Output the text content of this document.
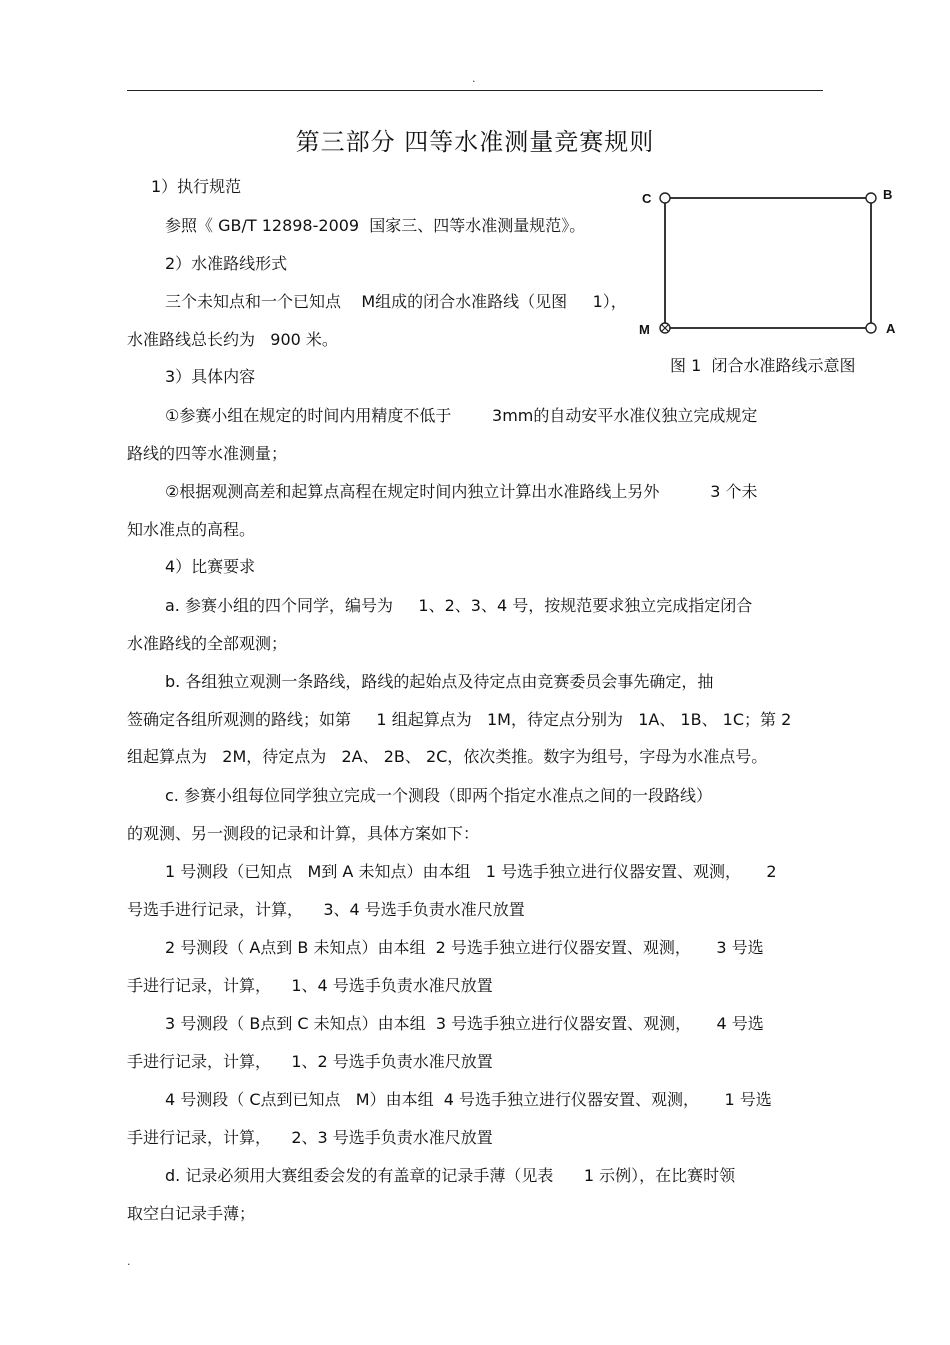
.
第三部分 四等水准测量竞赛规则
1）执行规范
参照《 GB/T 12898-2009  国家三、四等水准测量规范》。
2）水准路线形式
三个未知点和一个已知点    M组成的闭合水准路线（见图     1），
水准路线总长约为   900 米。
3）具体内容
①参赛小组在规定的时间内用精度不低于        3mm的自动安平水准仪独立完成规定
路线的四等水准测量；
②根据观测高差和起算点高程在规定时间内独立计算出水准路线上另外          3 个未
知水准点的高程。
4）比赛要求
a. 参赛小组的四个同学，编号为     1、2、3、4 号，按规范要求独立完成指定闭合
水准路线的全部观测；
b. 各组独立观测一条路线，路线的起始点及待定点由竞赛委员会事先确定，抽
签确定各组所观测的路线；如第     1 组起算点为   1M，待定点分别为   1A、 1B、 1C；第 2
组起算点为   2M，待定点为   2A、 2B、 2C，依次类推。数字为组号，字母为水准点号。
c. 参赛小组每位同学独立完成一个测段（即两个指定水准点之间的一段路线）
的观测、另一测段的记录和计算，具体方案如下：
1 号测段（已知点   M到 A 未知点）由本组   1 号选手独立进行仪器安置、观测，     2
号选手进行记录，计算，    3、4 号选手负责水准尺放置
2 号测段（ A点到 B 未知点）由本组  2 号选手独立进行仪器安置、观测，     3 号选
手进行记录，计算，    1、4 号选手负责水准尺放置
3 号测段（ B点到 C 未知点）由本组  3 号选手独立进行仪器安置、观测，     4 号选
手进行记录，计算，    1、2 号选手负责水准尺放置
4 号测段（ C点到已知点   M）由本组  4 号选手独立进行仪器安置、观测，     1 号选
手进行记录，计算，    2、3 号选手负责水准尺放置
d. 记录必须用大赛组委会发的有盖章的记录手薄（见表      1 示例），在比赛时领
取空白记录手薄；
C	B
M	A
图 1  闭合水准路线示意图
.
